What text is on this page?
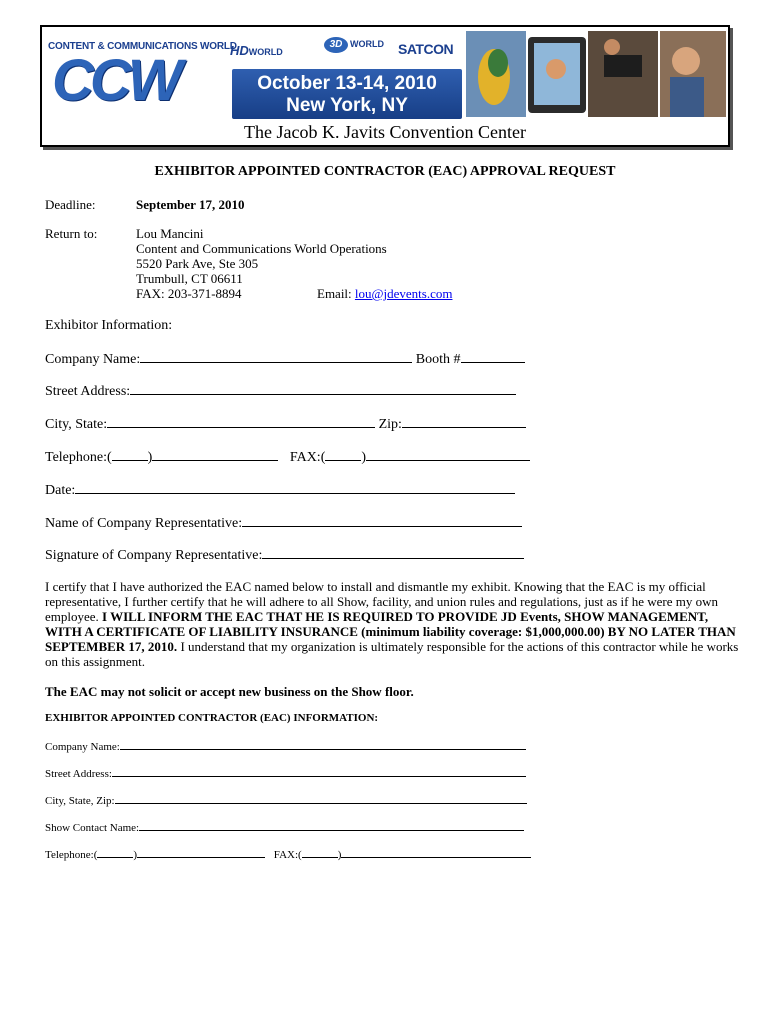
CONTENT & COMMUNICATIONS WORLD
CCW	HDWORLD
3D WORLD SATCON
October 13-14, 2010
New York, NY
The Jacob K. Javits Convention Center
EXHIBITOR APPOINTED CONTRACTOR (EAC) APPROVAL REQUEST
Deadline:	September 17, 2010
Return to:	Lou Mancini
Content and Communications World Operations
5520 Park Ave, Ste 305
Trumbull, CT 06611
FAX: 203-371-8894	Email: lou@jdevents.com
Exhibitor Information:
Company Name:	Booth #
Street Address:
City, State:	Zip:
Telephone:(	)	FAX:(	)
Date:
Name of Company Representative:
Signature of Company Representative:
I certify that I have authorized the EAC named below to install and dismantle my exhibit. Knowing that the EAC is my official
representative, I further certify that he will adhere to all Show, facility, and union rules and regulations, just as if he were my own
employee. I WILL INFORM THE EAC THAT HE IS REQUIRED TO PROVIDE JD Events, SHOW MANAGEMENT,
WITH A CERTIFICATE OF LIABILITY INSURANCE (minimum liability coverage: $1,000,000.00) BY NO LATER THAN
SEPTEMBER 17, 2010. I understand that my organization is ultimately responsible for the actions of this contractor while he works
on this assignment.
The EAC may not solicit or accept new business on the Show floor.
EXHIBITOR APPOINTED CONTRACTOR (EAC) INFORMATION:
Company Name:
Street Address:
City, State, Zip:
Show Contact Name:
Telephone:(	)	FAX:(	)
